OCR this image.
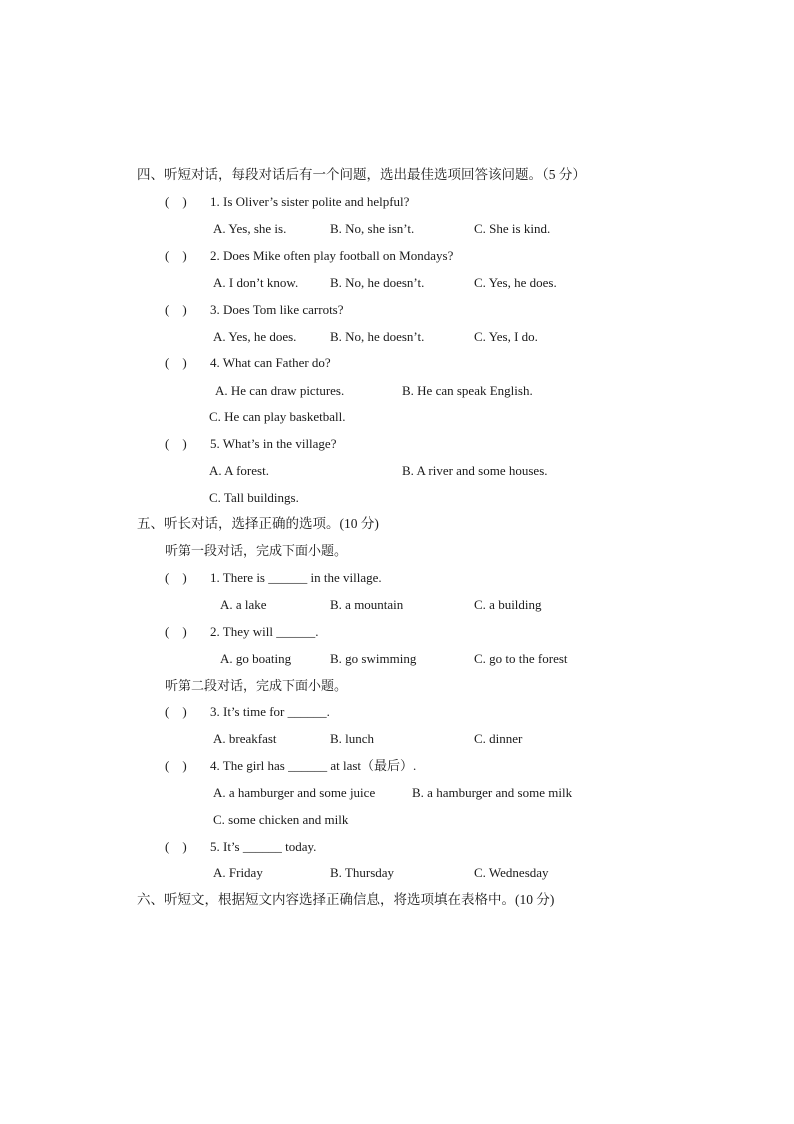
四、听短对话，每段对话后有一个问题，选出最佳选项回答该问题。（5 分）
(　) 1. Is Oliver’s sister polite and helpful?
A. Yes, she is.	B. No, she isn’t.	C. She is kind.
(　) 2. Does Mike often play football on Mondays?
A. I don’t know. B. No, he doesn’t.	C. Yes, he does.
(　) 3. Does Tom like carrots?
A. Yes, he does.	B. No, he doesn’t.	C. Yes, I do.
(　) 4. What can Father do?
A. He can draw pictures.	B. He can speak English.
C. He can play basketball.
(　) 5. What’s in the village?
A. A forest.	B. A river and some houses.
C. Tall buildings.
五、听长对话，选择正确的选项。(10 分)
听第一段对话，完成下面小题。
(　) 1. There is ______ in the village.
A. a lake	B. a mountain	C. a building
(　) 2. They will ______.
A. go boating	B. go swimming	C. go to the forest
听第二段对话，完成下面小题。
(　) 3. It’s time for ______.
A. breakfast	B. lunch	C. dinner
(　) 4. The girl has ______ at last（最后）.
A. a hamburger and some juice	B. a hamburger and some milk
C. some chicken and milk
(　) 5. It’s ______ today.
A. Friday	B. Thursday	C. Wednesday
六、听短文，根据短文内容选择正确信息，将选项填在表格中。(10 分)
